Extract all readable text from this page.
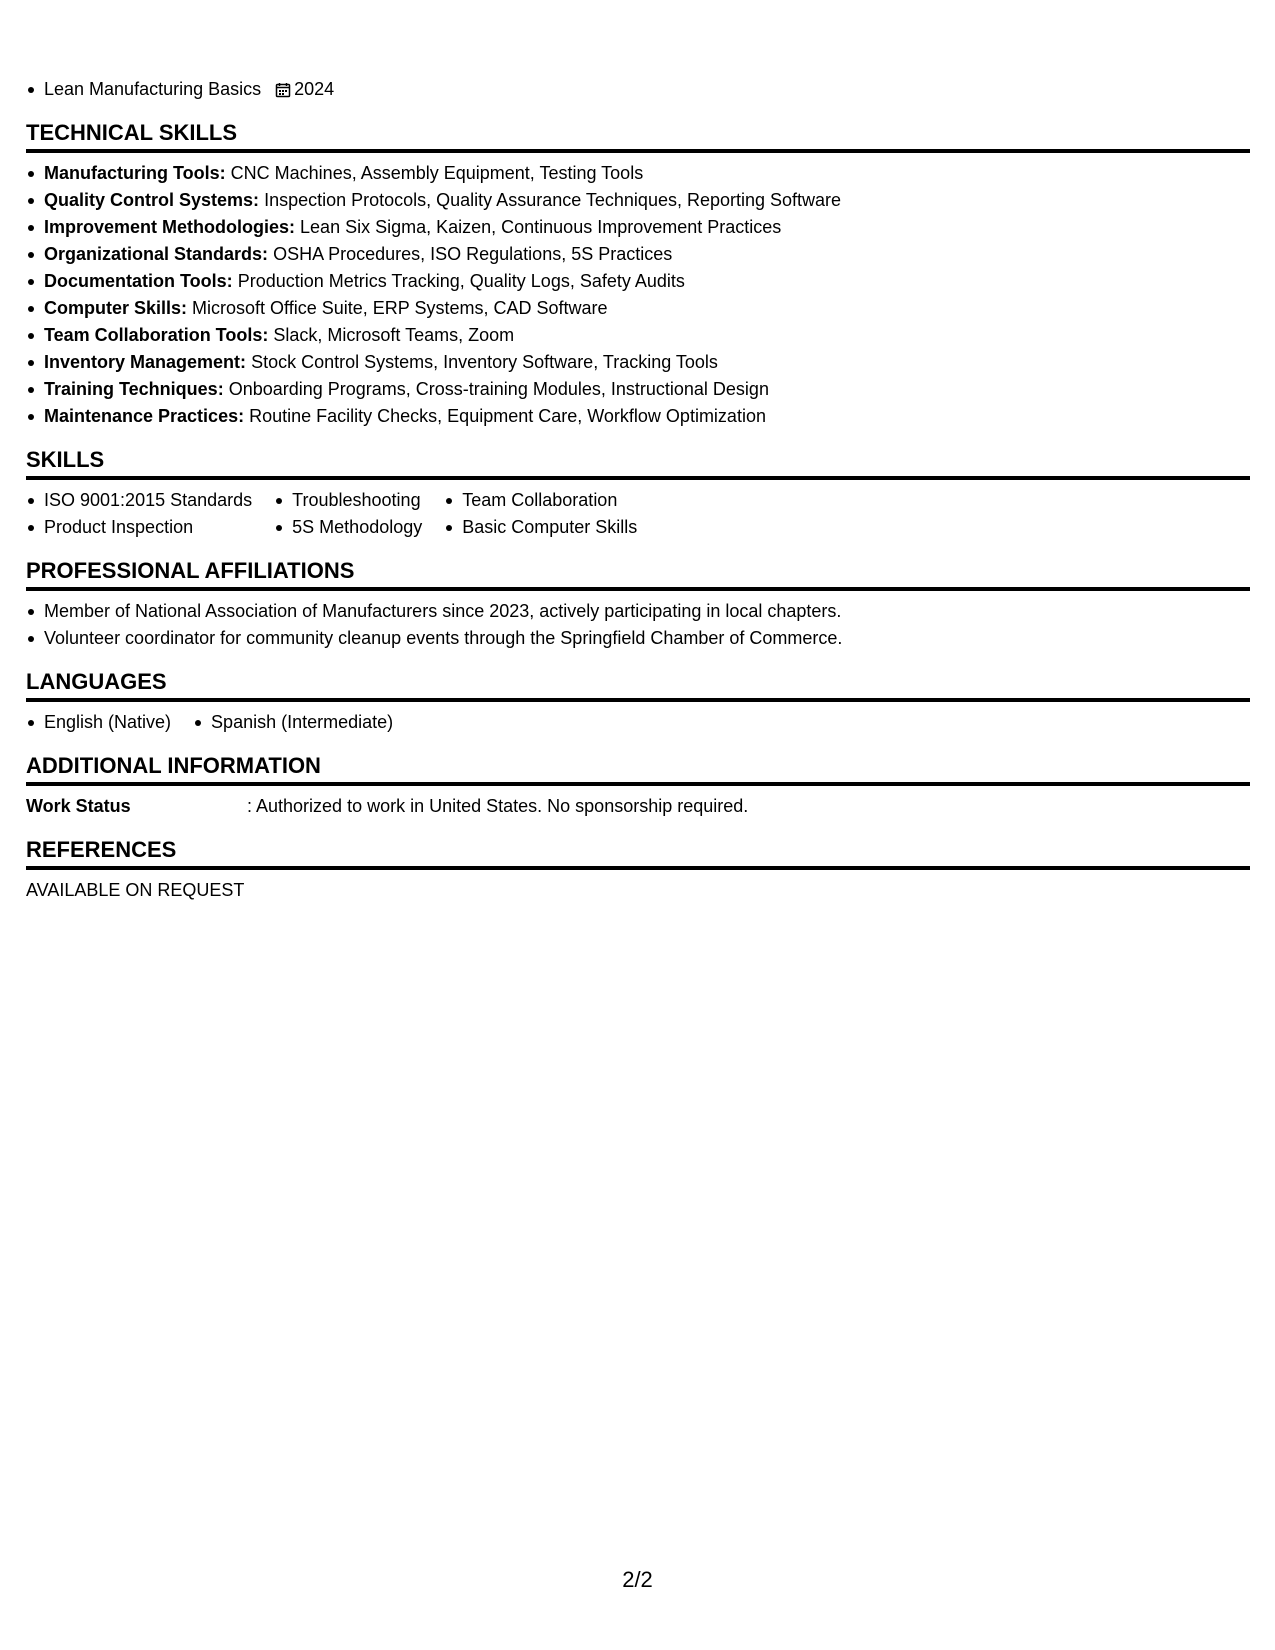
Lean Manufacturing Basics 2024
TECHNICAL SKILLS
Manufacturing Tools: CNC Machines, Assembly Equipment, Testing Tools
Quality Control Systems: Inspection Protocols, Quality Assurance Techniques, Reporting Software
Improvement Methodologies: Lean Six Sigma, Kaizen, Continuous Improvement Practices
Organizational Standards: OSHA Procedures, ISO Regulations, 5S Practices
Documentation Tools: Production Metrics Tracking, Quality Logs, Safety Audits
Computer Skills: Microsoft Office Suite, ERP Systems, CAD Software
Team Collaboration Tools: Slack, Microsoft Teams, Zoom
Inventory Management: Stock Control Systems, Inventory Software, Tracking Tools
Training Techniques: Onboarding Programs, Cross-training Modules, Instructional Design
Maintenance Practices: Routine Facility Checks, Equipment Care, Workflow Optimization
SKILLS
ISO 9001:2015 Standards
Product Inspection
Troubleshooting
5S Methodology
Team Collaboration
Basic Computer Skills
PROFESSIONAL AFFILIATIONS
Member of National Association of Manufacturers since 2023, actively participating in local chapters.
Volunteer coordinator for community cleanup events through the Springfield Chamber of Commerce.
LANGUAGES
English (Native)	Spanish (Intermediate)
ADDITIONAL INFORMATION
Work Status	: Authorized to work in United States. No sponsorship required.
REFERENCES
AVAILABLE ON REQUEST
2/2
